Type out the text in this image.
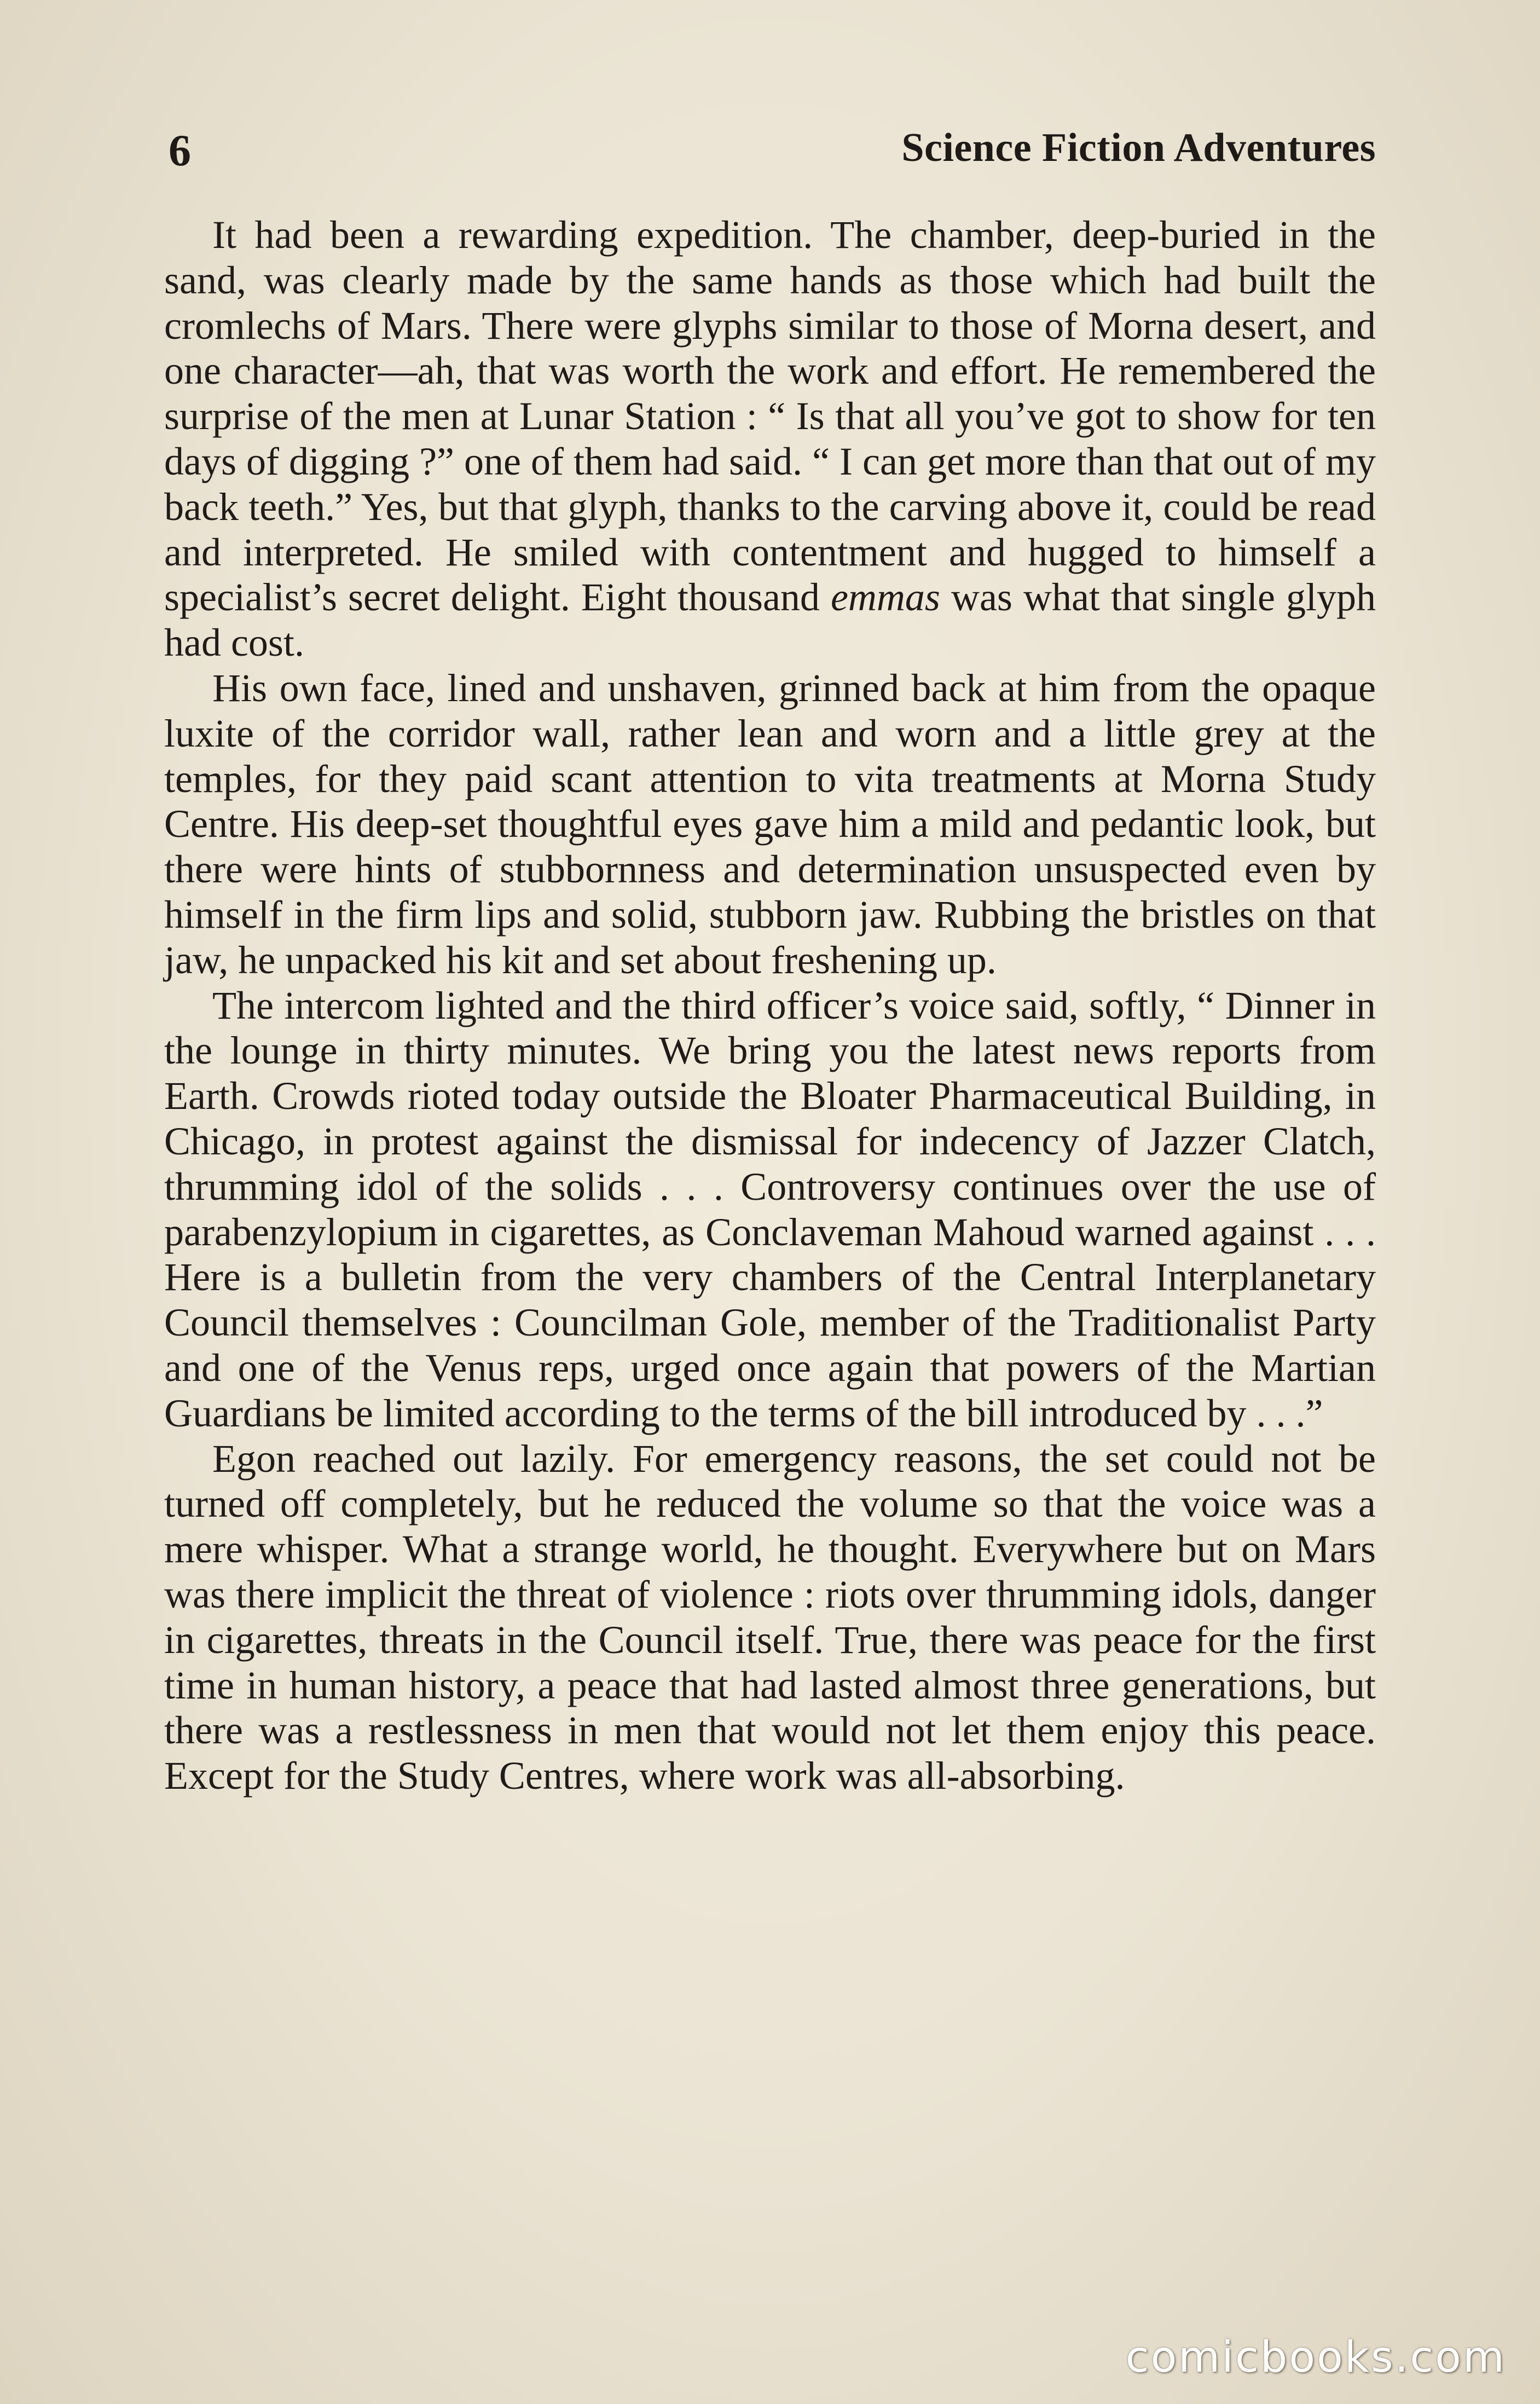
6	Science Fiction Adventures

It had been a rewarding expedition. The chamber, deep-buried in the sand, was clearly made by the same hands as those which had built the cromlechs of Mars. There were glyphs similar to those of Morna desert, and one character—ah, that was worth the work and effort. He remembered the surprise of the men at Lunar Station : “ Is that all you’ve got to show for ten days of digging ?” one of them had said. “ I can get more than that out of my back teeth.” Yes, but that glyph, thanks to the carving above it, could be read and interpreted. He smiled with contentment and hugged to himself a specialist’s secret delight. Eight thousand emmas was what that single glyph had cost.

His own face, lined and unshaven, grinned back at him from the opaque luxite of the corridor wall, rather lean and worn and a little grey at the temples, for they paid scant attention to vita treatments at Morna Study Centre. His deep-set thoughtful eyes gave him a mild and pedantic look, but there were hints of stubbornness and determination unsuspected even by himself in the firm lips and solid, stubborn jaw. Rubbing the bristles on that jaw, he unpacked his kit and set about freshening up.

The intercom lighted and the third officer’s voice said, softly, “ Dinner in the lounge in thirty minutes. We bring you the latest news reports from Earth. Crowds rioted today outside the Bloater Pharmaceutical Building, in Chicago, in protest against the dismissal for indecency of Jazzer Clatch, thrumming idol of the solids . . . Controversy continues over the use of parabenzylopium in cigarettes, as Conclaveman Mahoud warned against . . . Here is a bulletin from the very chambers of the Central Interplanetary Council themselves : Councilman Gole, member of the Traditionalist Party and one of the Venus reps, urged once again that powers of the Martian Guardians be limited according to the terms of the bill introduced by . . .”

Egon reached out lazily. For emergency reasons, the set could not be turned off completely, but he reduced the volume so that the voice was a mere whisper. What a strange world, he thought. Everywhere but on Mars was there implicit the threat of violence : riots over thrumming idols, danger in cigarettes, threats in the Council itself. True, there was peace for the first time in human history, a peace that had lasted almost three generations, but there was a restlessness in men that would not let them enjoy this peace. Except for the Study Centres, where work was all-absorbing.

comicbooks.com
